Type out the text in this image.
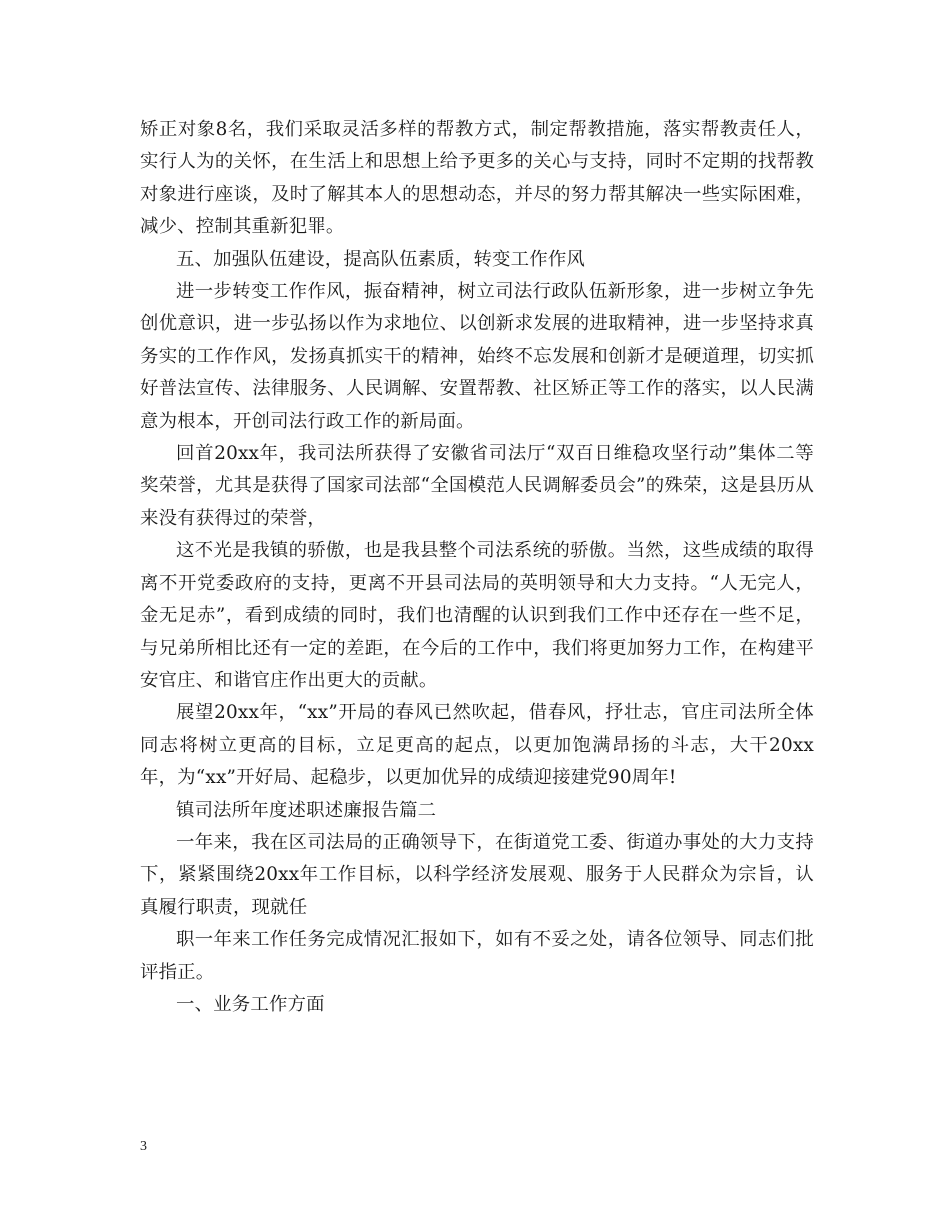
矫正对象8名，我们采取灵活多样的帮教方式，制定帮教措施，落实帮教责任人，实行人为的关怀，在生活上和思想上给予更多的关心与支持，同时不定期的找帮教对象进行座谈，及时了解其本人的思想动态，并尽的努力帮其解决一些实际困难，减少、控制其重新犯罪。

五、加强队伍建设，提高队伍素质，转变工作作风

进一步转变工作作风，振奋精神，树立司法行政队伍新形象，进一步树立争先创优意识，进一步弘扬以作为求地位、以创新求发展的进取精神，进一步坚持求真务实的工作作风，发扬真抓实干的精神，始终不忘发展和创新才是硬道理，切实抓好普法宣传、法律服务、人民调解、安置帮教、社区矫正等工作的落实，以人民满意为根本，开创司法行政工作的新局面。

回首20xx年，我司法所获得了安徽省司法厅“双百日维稳攻坚行动”集体二等奖荣誉，尤其是获得了国家司法部“全国模范人民调解委员会”的殊荣，这是县历从来没有获得过的荣誉，

这不光是我镇的骄傲，也是我县整个司法系统的骄傲。当然，这些成绩的取得离不开党委政府的支持，更离不开县司法局的英明领导和大力支持。“人无完人，金无足赤”，看到成绩的同时，我们也清醒的认识到我们工作中还存在一些不足，与兄弟所相比还有一定的差距，在今后的工作中，我们将更加努力工作，在构建平安官庄、和谐官庄作出更大的贡献。

展望20xx年，“xx”开局的春风已然吹起，借春风，抒壮志，官庄司法所全体同志将树立更高的目标，立足更高的起点，以更加饱满昂扬的斗志，大干20xx年，为“xx”开好局、起稳步，以更加优异的成绩迎接建党90周年!

镇司法所年度述职述廉报告篇二

一年来，我在区司法局的正确领导下，在街道党工委、街道办事处的大力支持下，紧紧围绕20xx年工作目标，以科学经济发展观、服务于人民群众为宗旨，认真履行职责，现就任

职一年来工作任务完成情况汇报如下，如有不妥之处，请各位领导、同志们批评指正。

一、业务工作方面

3
